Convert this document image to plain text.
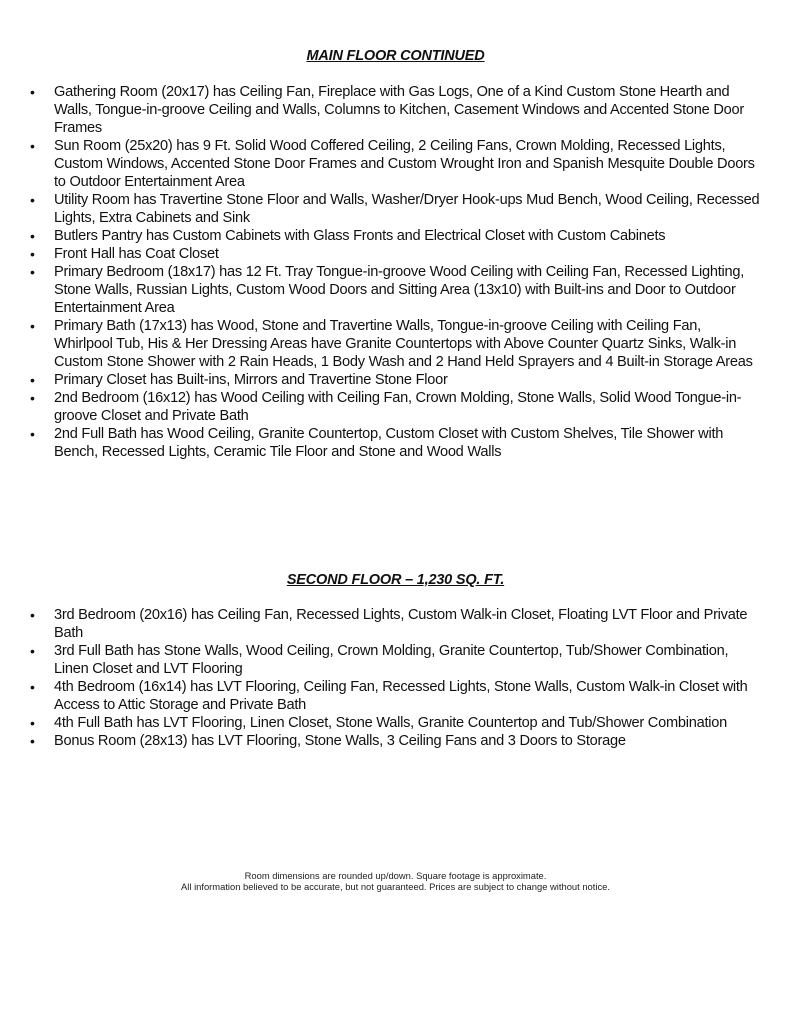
MAIN FLOOR CONTINUED
• Gathering Room (20x17) has Ceiling Fan, Fireplace with Gas Logs, One of a Kind Custom Stone Hearth and Walls, Tongue-in-groove Ceiling and Walls, Columns to Kitchen, Casement Windows and Accented Stone Door Frames
• Sun Room (25x20) has 9 Ft. Solid Wood Coffered Ceiling, 2 Ceiling Fans, Crown Molding, Recessed Lights, Custom Windows, Accented Stone Door Frames and Custom Wrought Iron and Spanish Mesquite Double Doors to Outdoor Entertainment Area
• Utility Room has Travertine Stone Floor and Walls, Washer/Dryer Hook-ups Mud Bench, Wood Ceiling, Recessed Lights, Extra Cabinets and Sink
• Butlers Pantry has Custom Cabinets with Glass Fronts and Electrical Closet with Custom Cabinets
• Front Hall has Coat Closet
• Primary Bedroom (18x17) has 12 Ft. Tray Tongue-in-groove Wood Ceiling with Ceiling Fan, Recessed Lighting, Stone Walls, Russian Lights, Custom Wood Doors and Sitting Area (13x10) with Built-ins and Door to Outdoor Entertainment Area
• Primary Bath (17x13) has Wood, Stone and Travertine Walls, Tongue-in-groove Ceiling with Ceiling Fan, Whirlpool Tub, His & Her Dressing Areas have Granite Countertops with Above Counter Quartz Sinks, Walk-in Custom Stone Shower with 2 Rain Heads, 1 Body Wash and 2 Hand Held Sprayers and 4 Built-in Storage Areas
• Primary Closet has Built-ins, Mirrors and Travertine Stone Floor
• 2nd Bedroom (16x12) has Wood Ceiling with Ceiling Fan, Crown Molding, Stone Walls, Solid Wood Tongue-in-groove Closet and Private Bath
• 2nd Full Bath has Wood Ceiling, Granite Countertop, Custom Closet with Custom Shelves, Tile Shower with Bench, Recessed Lights, Ceramic Tile Floor and Stone and Wood Walls
SECOND FLOOR – 1,230 SQ. FT.
• 3rd Bedroom (20x16) has Ceiling Fan, Recessed Lights, Custom Walk-in Closet, Floating LVT Floor and Private Bath
• 3rd Full Bath has Stone Walls, Wood Ceiling, Crown Molding, Granite Countertop, Tub/Shower Combination, Linen Closet and LVT Flooring
• 4th Bedroom (16x14) has LVT Flooring, Ceiling Fan, Recessed Lights, Stone Walls, Custom Walk-in Closet with Access to Attic Storage and Private Bath
• 4th Full Bath has LVT Flooring, Linen Closet, Stone Walls, Granite Countertop and Tub/Shower Combination
• Bonus Room (28x13) has LVT Flooring, Stone Walls, 3 Ceiling Fans and 3 Doors to Storage
Room dimensions are rounded up/down. Square footage is approximate.
All information believed to be accurate, but not guaranteed. Prices are subject to change without notice.
